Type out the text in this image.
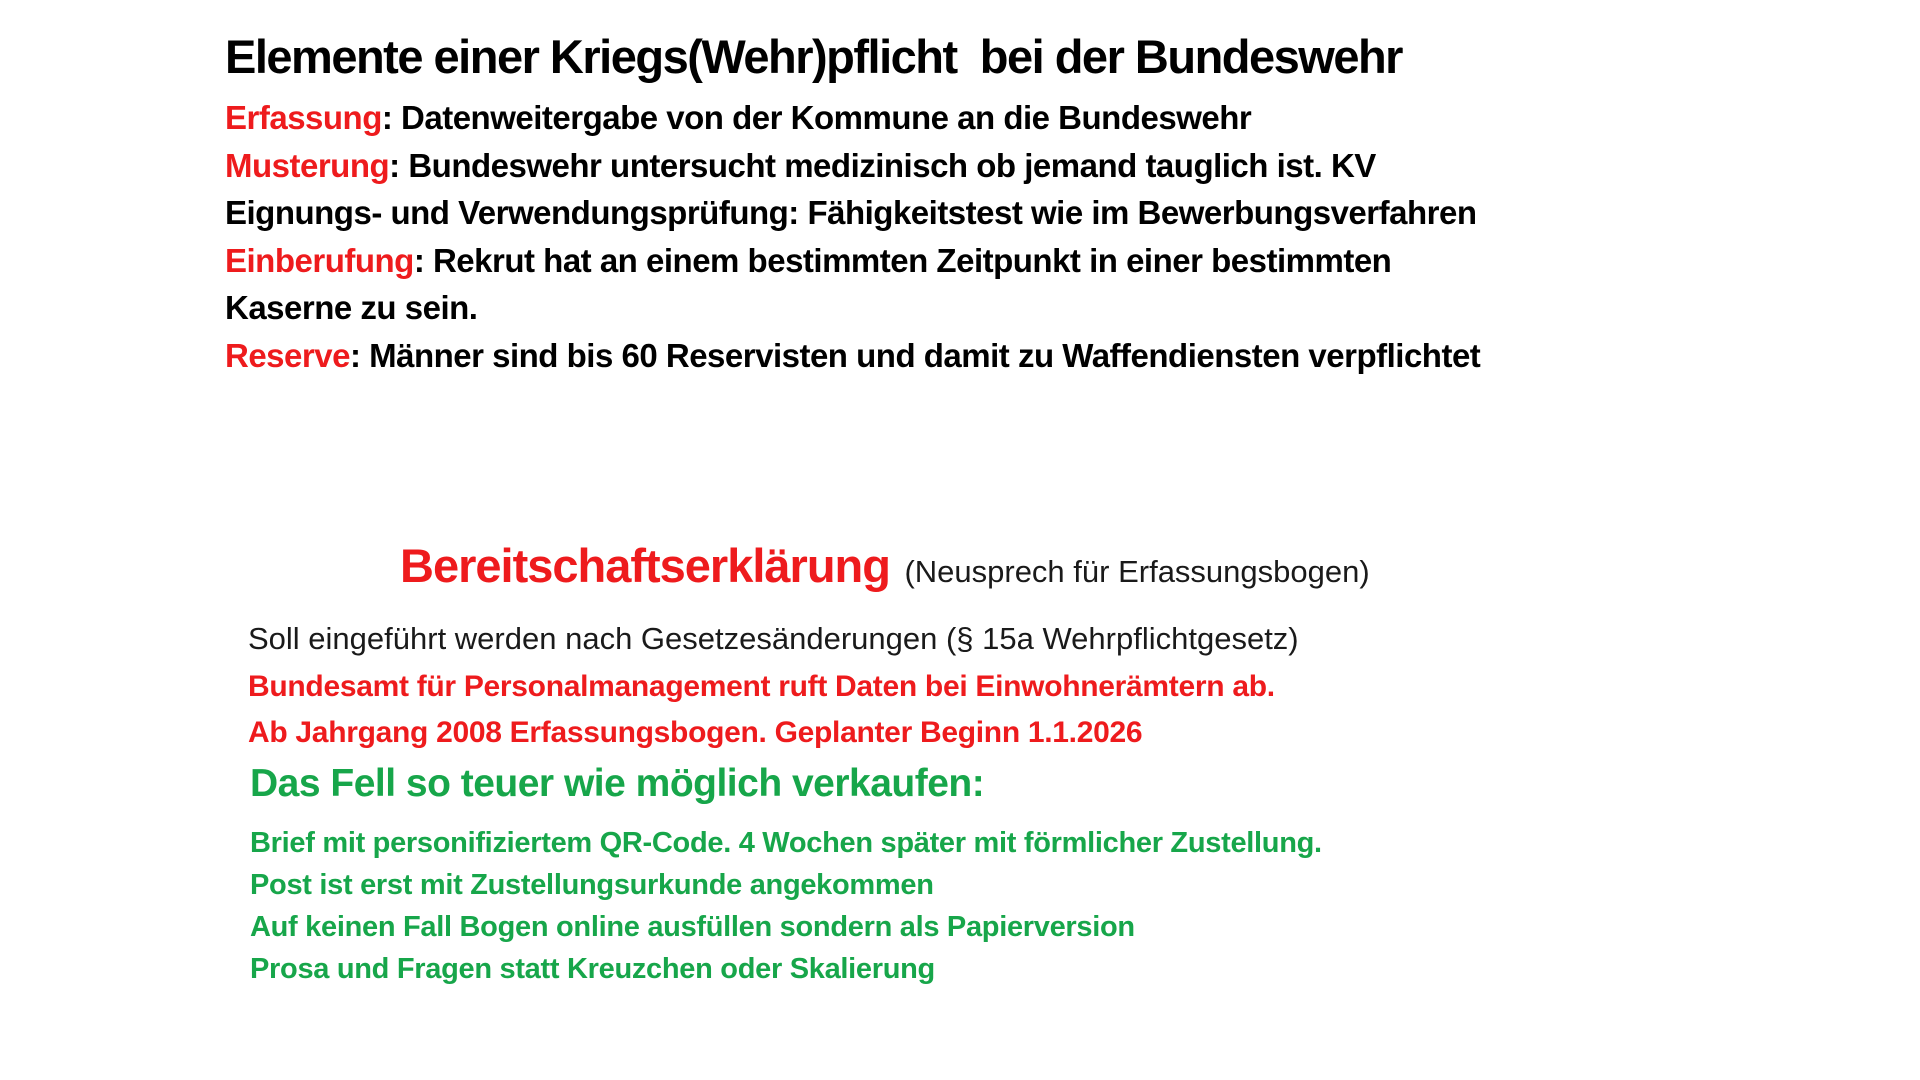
Elemente einer Kriegs(Wehr)pflicht  bei der Bundeswehr
Erfassung: Datenweitergabe von der Kommune an die Bundeswehr
Musterung: Bundeswehr untersucht medizinisch ob jemand tauglich ist. KV
Eignungs- und Verwendungsprüfung: Fähigkeitstest wie im Bewerbungsverfahren
Einberufung: Rekrut hat an einem bestimmten Zeitpunkt in einer bestimmten
Kaserne zu sein.
Reserve: Männer sind bis 60 Reservisten und damit zu Waffendiensten verpflichtet
Bereitschaftserklärung (Neusprech für Erfassungsbogen)
Soll eingeführt werden nach Gesetzesänderungen (§ 15a Wehrpflichtgesetz)
Bundesamt für Personalmanagement ruft Daten bei Einwohnerämtern ab.
Ab Jahrgang 2008 Erfassungsbogen. Geplanter Beginn 1.1.2026
Das Fell so teuer wie möglich verkaufen:
Brief mit personifiziertem QR-Code. 4 Wochen später mit förmlicher Zustellung.
Post ist erst mit Zustellungsurkunde angekommen
Auf keinen Fall Bogen online ausfüllen sondern als Papierversion
Prosa und Fragen statt Kreuzchen oder Skalierung
